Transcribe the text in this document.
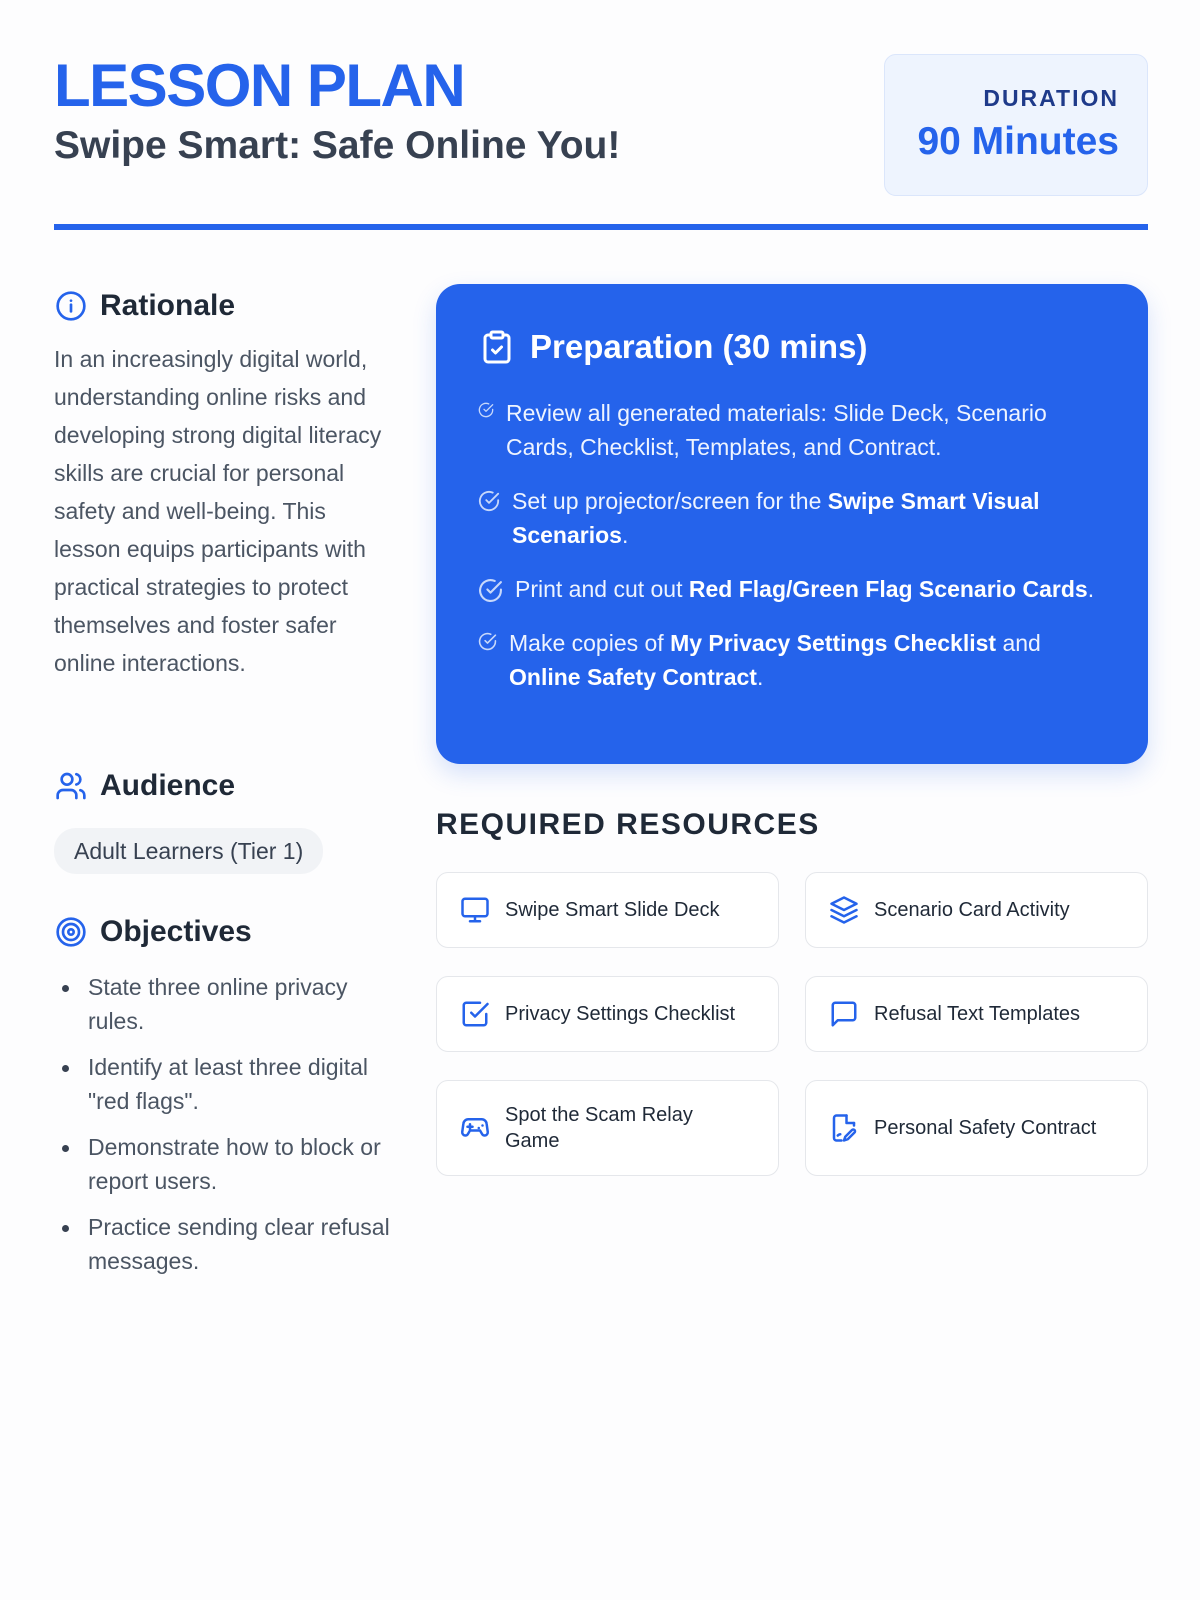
LESSON PLAN
Swipe Smart: Safe Online You!
DURATION
90 Minutes
Rationale

In an increasingly digital world, understanding online risks and developing strong digital literacy skills are crucial for personal safety and well-being. This lesson equips participants with practical strategies to protect themselves and foster safer online interactions.

Audience
Adult Learners (Tier 1)
Objectives
State three online privacy rules.
Identify at least three digital "red flags".
Demonstrate how to block or report users.
Practice sending clear refusal messages.
Preparation (30 mins)
Review all generated materials: Slide Deck, Scenario Cards, Checklist, Templates, and Contract.
Set up projector/screen for the Swipe Smart Visual Scenarios.
Print and cut out Red Flag/Green Flag Scenario Cards.
Make copies of My Privacy Settings Checklist and Online Safety Contract.
REQUIRED RESOURCES
Swipe Smart Slide Deck	Scenario Card Activity
Privacy Settings Checklist	Refusal Text Templates
Spot the Scam Relay Game
Personal Safety Contract
